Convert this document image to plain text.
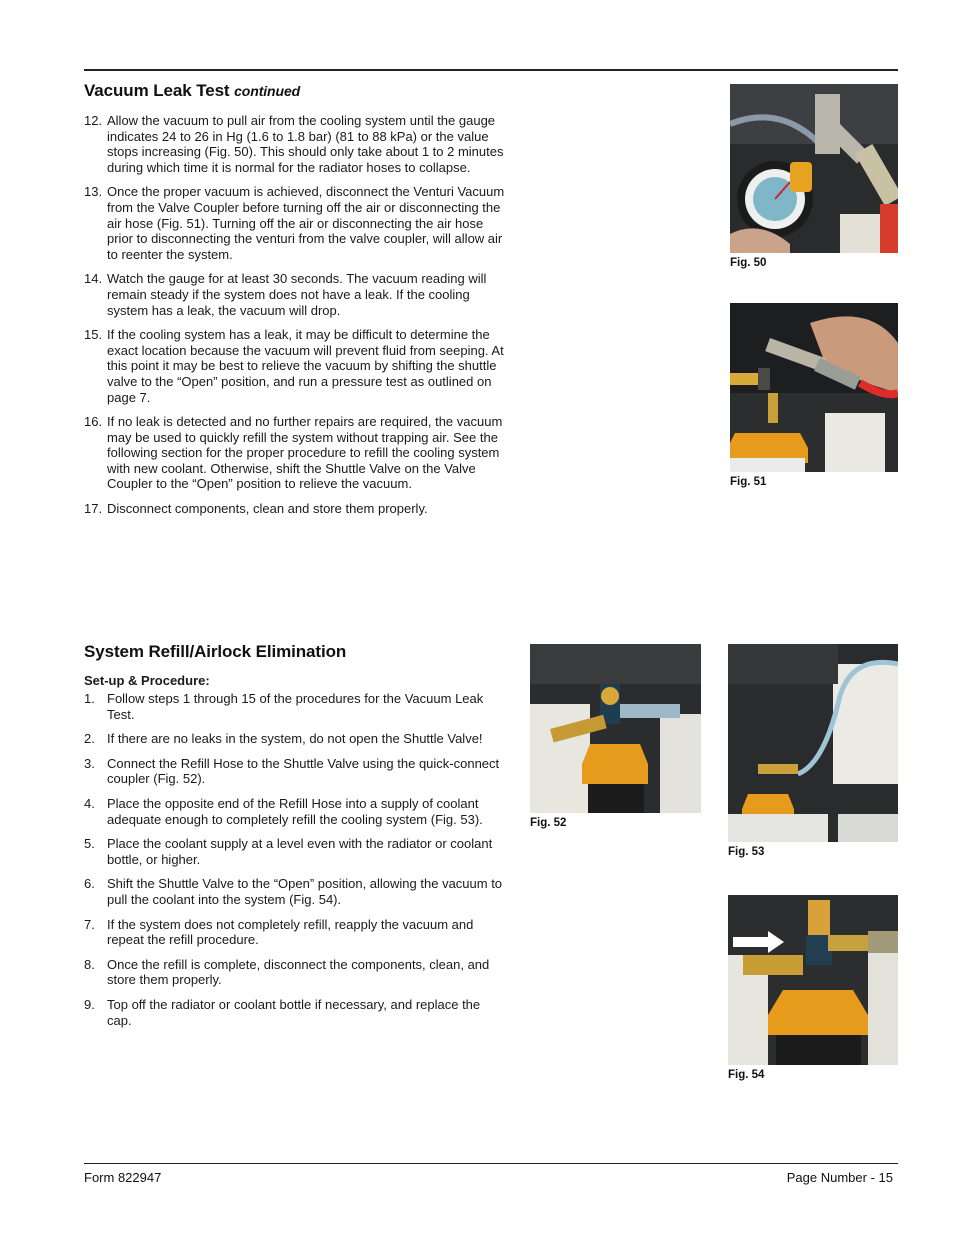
Vacuum Leak Test continued
12. Allow the vacuum to pull air from the cooling system until the gauge indicates 24 to 26 in Hg (1.6 to 1.8 bar) (81 to 88 kPa) or the value stops increasing (Fig. 50). This should only take about 1 to 2 minutes during which time it is normal for the radiator hoses to collapse.
13. Once the proper vacuum is achieved, disconnect the Venturi Vacuum from the Valve Coupler before turning off the air or disconnecting the air hose (Fig. 51). Turning off the air or disconnecting the air hose prior to disconnecting the venturi from the valve coupler, will allow air to reenter the system.
14. Watch the gauge for at least 30 seconds. The vacuum reading will remain steady if the system does not have a leak. If the cooling system has a leak, the vacuum will drop.
15. If the cooling system has a leak, it may be difficult to determine the exact location because the vacuum will prevent fluid from seeping. At this point it may be best to relieve the vacuum by shifting the shuttle valve to the “Open” position, and run a pressure test as outlined on page 7.
16. If no leak is detected and no further repairs are required, the vacuum may be used to quickly refill the system without trapping air. See the following section for the proper procedure to refill the cooling system with new coolant. Otherwise, shift the Shuttle Valve on the Valve Coupler to the “Open” position to relieve the vacuum.
17. Disconnect components, clean and store them properly.
Fig. 50
Fig. 51
System Refill/Airlock Elimination
Set-up & Procedure:
1. Follow steps 1 through 15 of the procedures for the Vacuum Leak Test.
2. If there are no leaks in the system, do not open the Shuttle Valve!
3. Connect the Refill Hose to the Shuttle Valve using the quick-connect coupler (Fig. 52).
4. Place the opposite end of the Refill Hose into a supply of coolant adequate enough to completely refill the cooling system (Fig. 53).
5. Place the coolant supply at a level even with the radiator or coolant bottle, or higher.
6. Shift the Shuttle Valve to the “Open” position, allowing the vacuum to pull the coolant into the system (Fig. 54).
7. If the system does not completely refill, reapply the vacuum and repeat the refill procedure.
8. Once the refill is complete, disconnect the components, clean, and store them properly.
9. Top off the radiator or coolant bottle if necessary, and replace the cap.
Fig. 52
Fig. 53
Fig. 54
Form 822947	Page Number - 15
